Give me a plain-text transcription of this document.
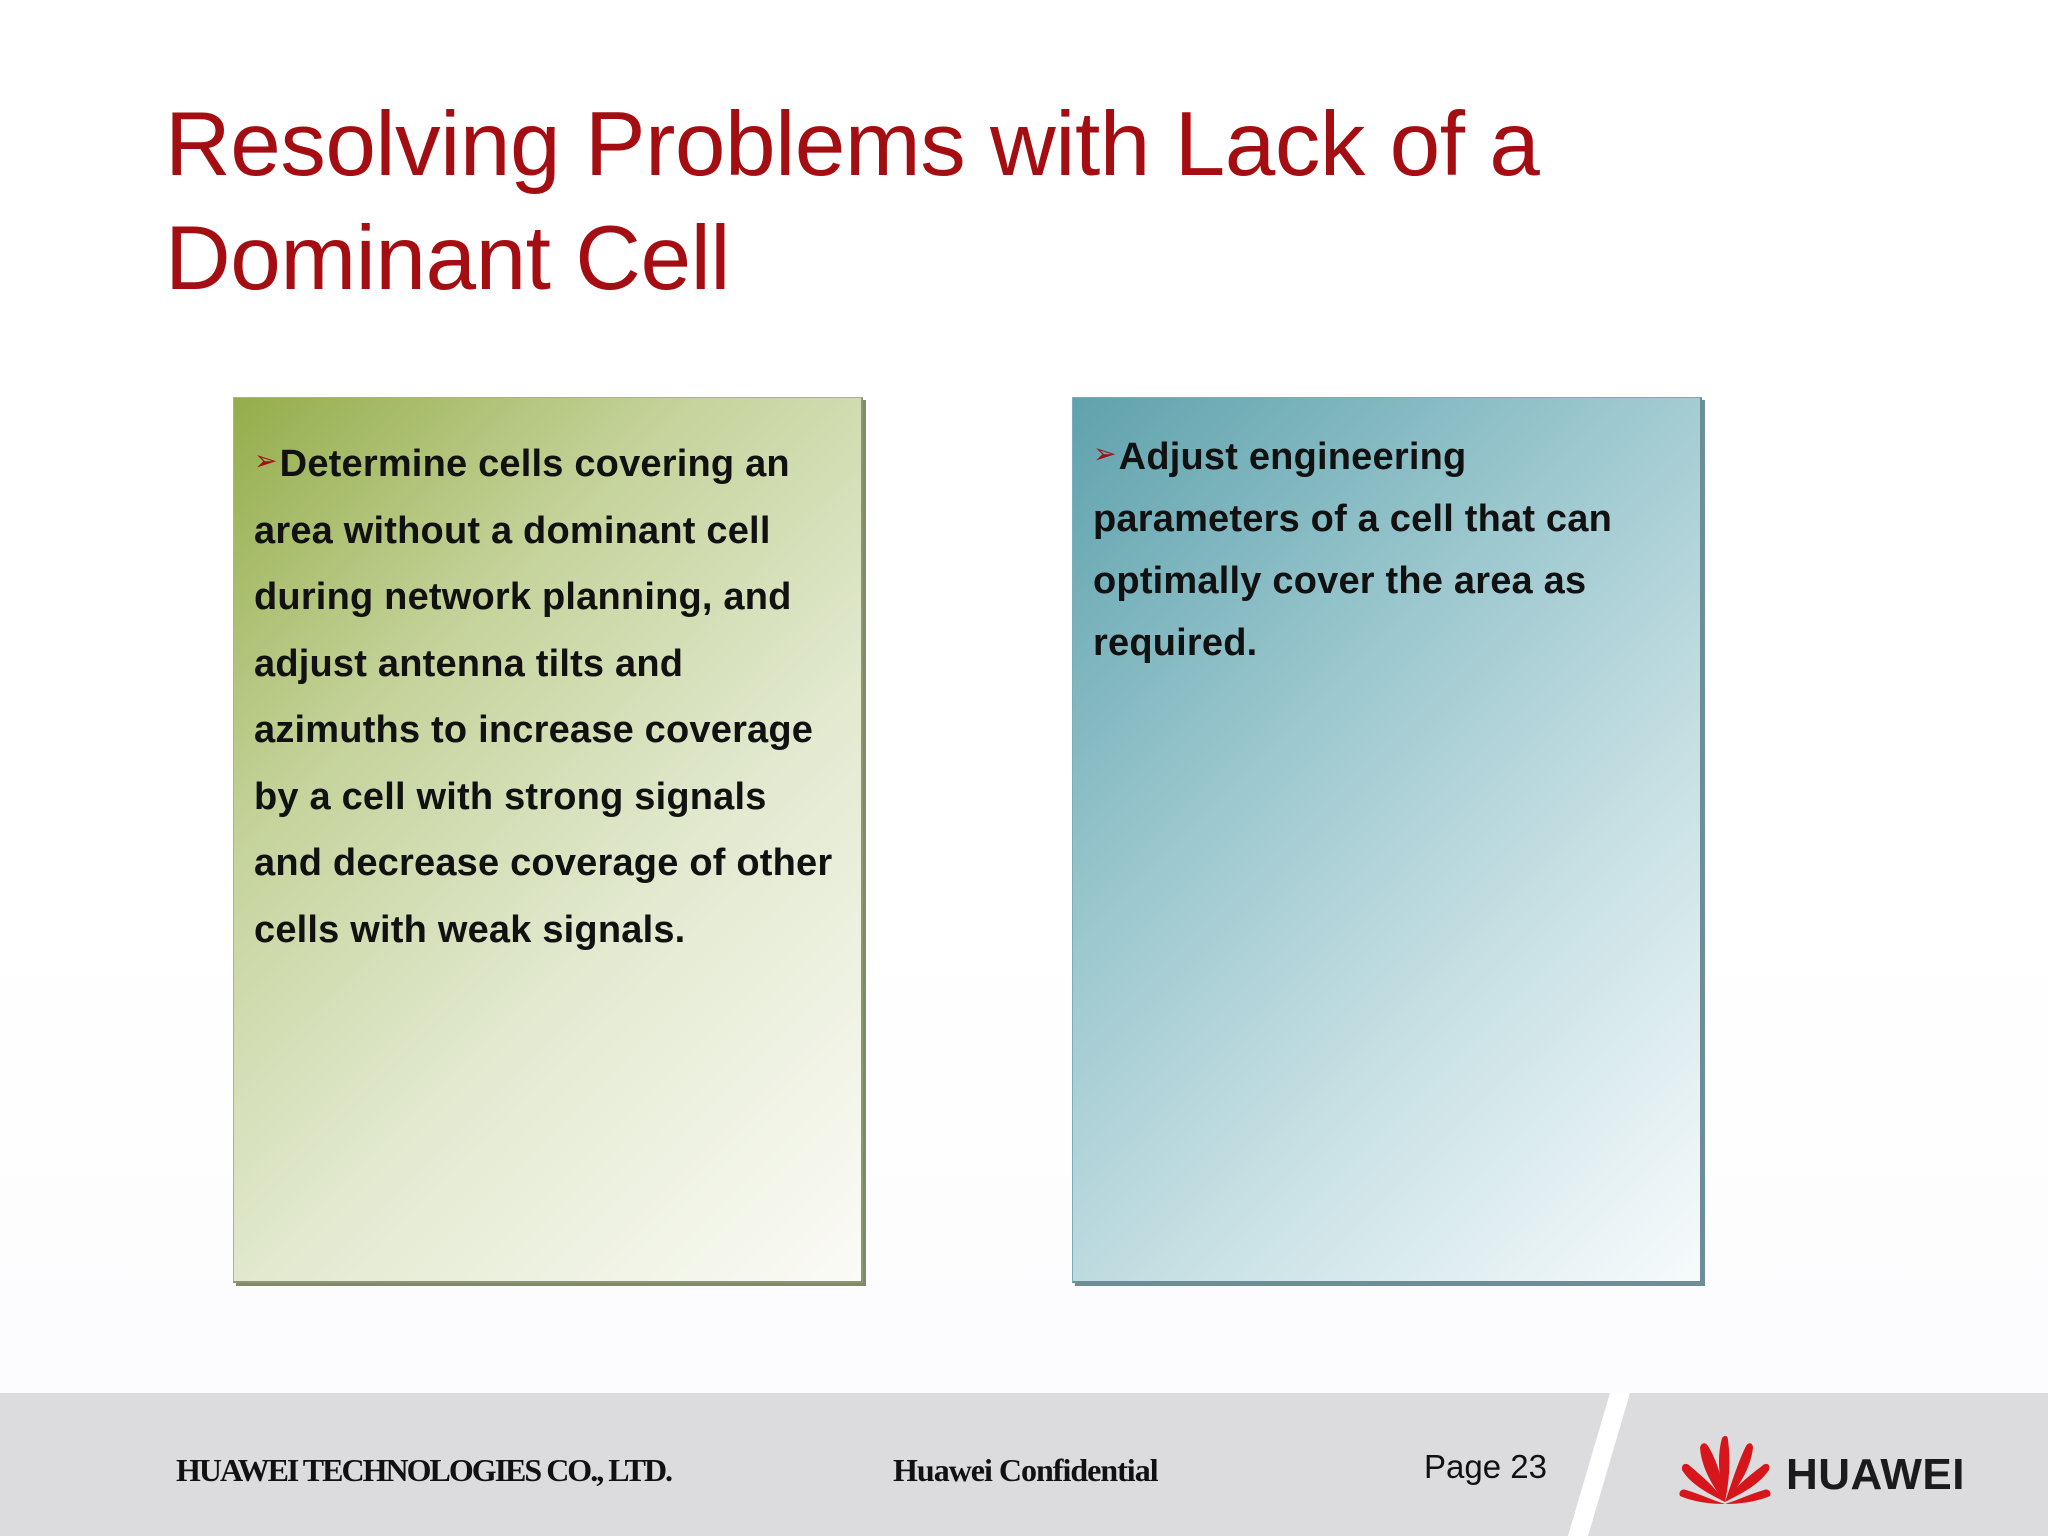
Resolving Problems with Lack of a Dominant Cell

➢Determine cells covering an area without a dominant cell during network planning, and adjust antenna tilts and azimuths to increase coverage by a cell with strong signals and decrease coverage of other cells with weak signals.

➢Adjust engineering parameters of a cell that can optimally cover the area as required.

HUAWEI TECHNOLOGIES CO., LTD.	Huawei Confidential	Page 23	HUAWEI
